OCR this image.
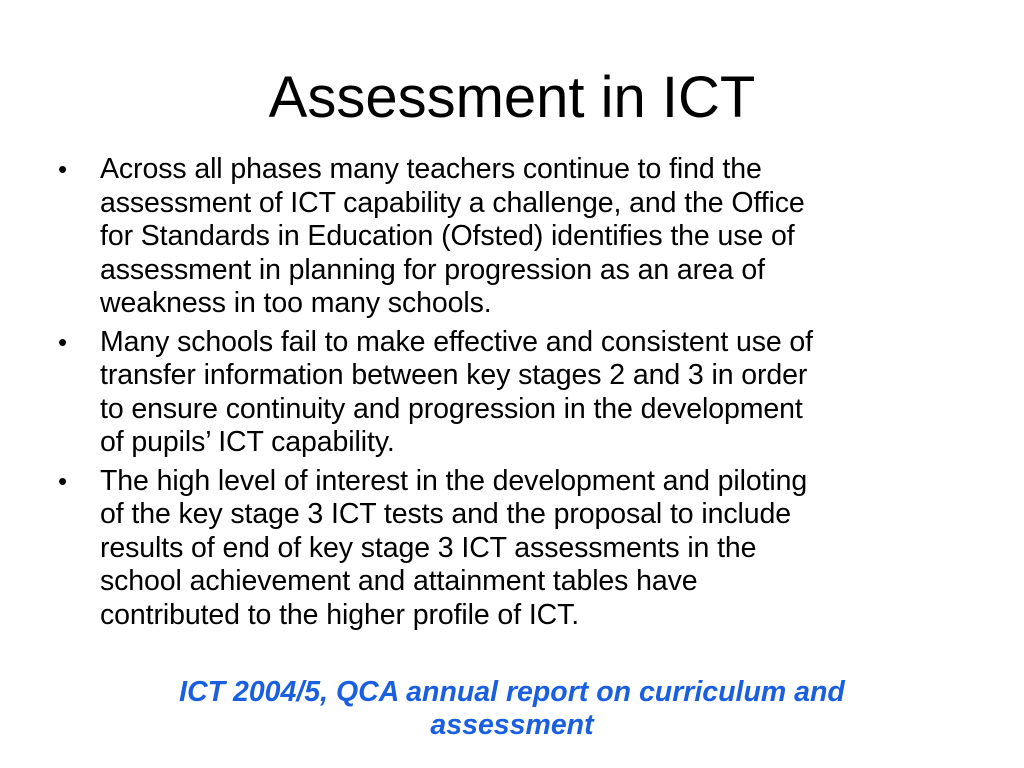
Assessment in ICT
•	Across all phases many teachers continue to find the
assessment of ICT capability a challenge, and the Office
for Standards in Education (Ofsted) identifies the use of
assessment in planning for progression as an area of
weakness in too many schools.
•	Many schools fail to make effective and consistent use of
transfer information between key stages 2 and 3 in order
to ensure continuity and progression in the development
of pupils’ ICT capability.
•	The high level of interest in the development and piloting
of the key stage 3 ICT tests and the proposal to include
results of end of key stage 3 ICT assessments in the
school achievement and attainment tables have
contributed to the higher profile of ICT.
ICT 2004/5, QCA annual report on curriculum and
assessment
